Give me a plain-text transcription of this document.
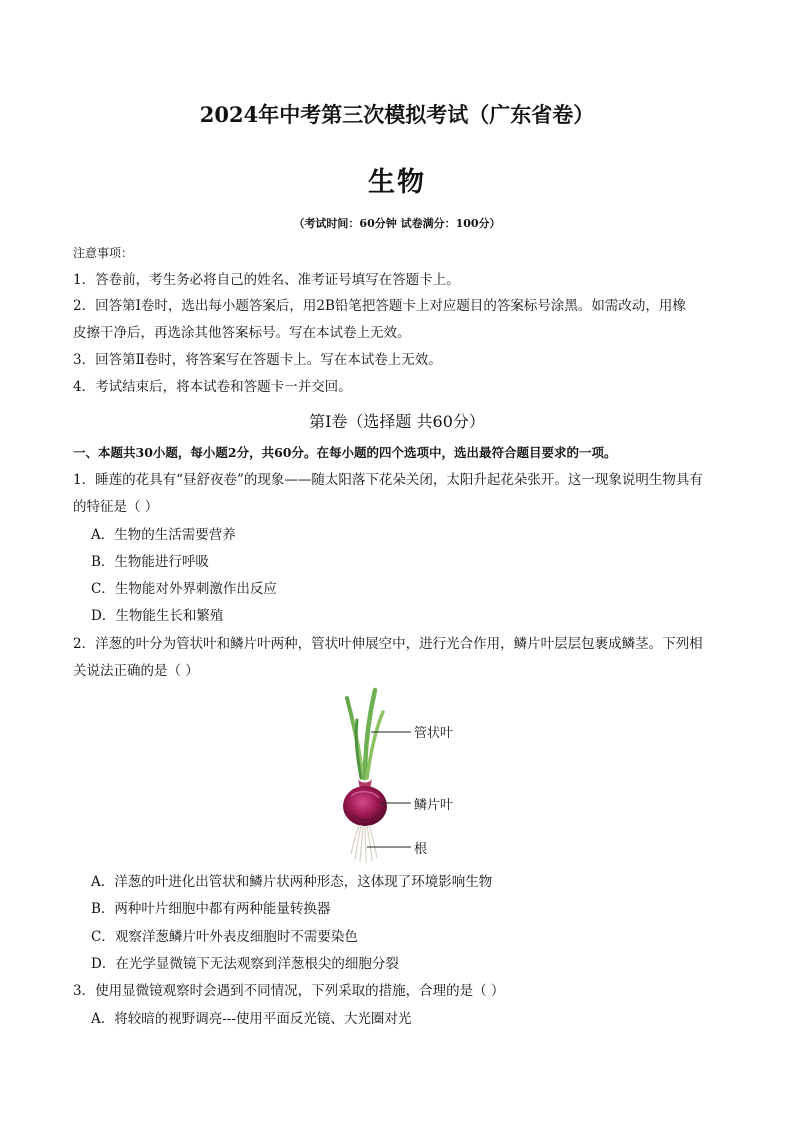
2024年中考第三次模拟考试（广东省卷）
生物
（考试时间：60分钟 试卷满分：100分）
注意事项：
1．答卷前，考生务必将自己的姓名、准考证号填写在答题卡上。
2．回答第Ⅰ卷时，选出每小题答案后，用2B铅笔把答题卡上对应题目的答案标号涂黑。如需改动，用橡
皮擦干净后，再选涂其他答案标号。写在本试卷上无效。
3．回答第Ⅱ卷时，将答案写在答题卡上。写在本试卷上无效。
4．考试结束后，将本试卷和答题卡一并交回。
第Ⅰ卷（选择题 共60分）
一、本题共30小题，每小题2分，共60分。在每小题的四个选项中，选出最符合题目要求的一项。
1．睡莲的花具有“昼舒夜卷”的现象——随太阳落下花朵关闭，太阳升起花朵张开。这一现象说明生物具有
的特征是（ ）
A．生物的生活需要营养
B．生物能进行呼吸
C．生物能对外界刺激作出反应
D．生物能生长和繁殖
2．洋葱的叶分为管状叶和鳞片叶两种，管状叶伸展空中，进行光合作用，鳞片叶层层包裹成鳞茎。下列相
关说法正确的是（ ）
管状叶
鳞片叶
根
A．洋葱的叶进化出管状和鳞片状两种形态，这体现了环境影响生物
B．两种叶片细胞中都有两种能量转换器
C．观察洋葱鳞片叶外表皮细胞时不需要染色
D．在光学显微镜下无法观察到洋葱根尖的细胞分裂
3．使用显微镜观察时会遇到不同情况，下列采取的措施，合理的是（ ）
A．将较暗的视野调亮---使用平面反光镜、大光圈对光
